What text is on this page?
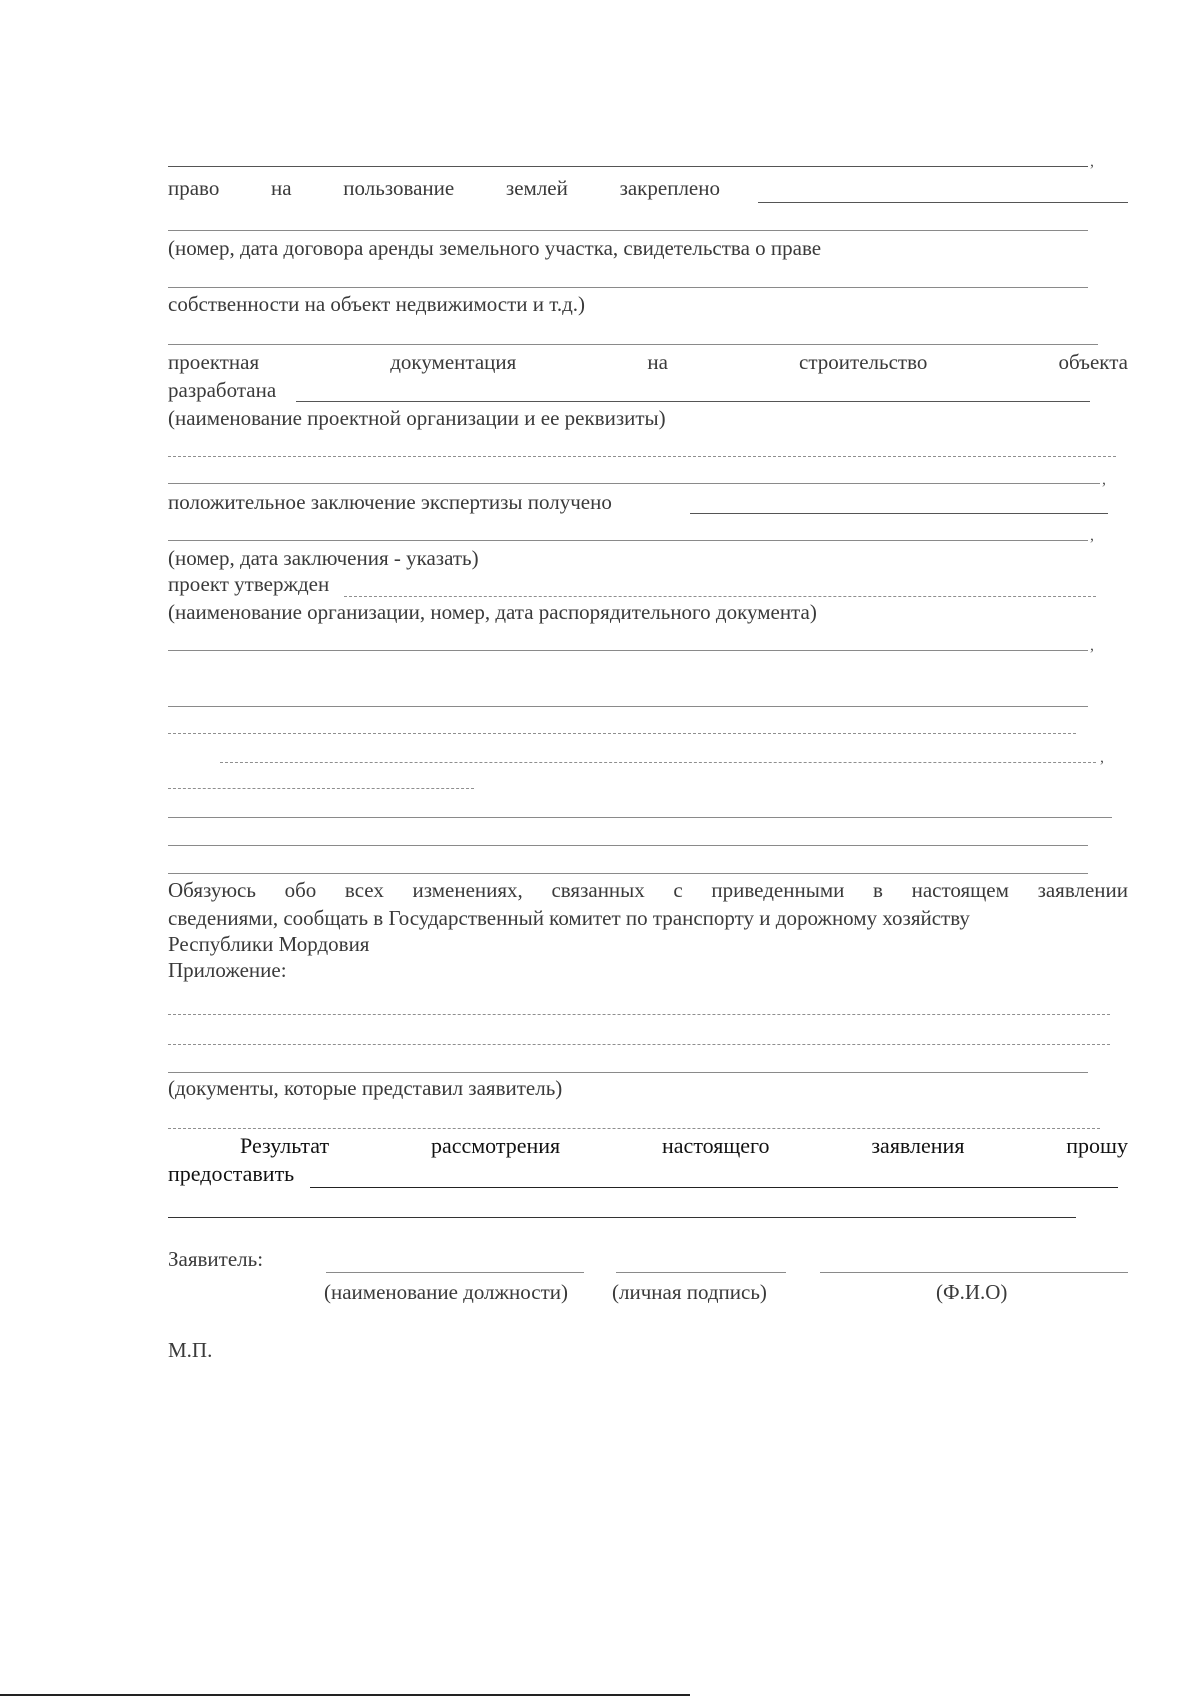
,
право на пользование землей закреплено
(номер, дата договора аренды земельного участка, свидетельства о праве
собственности на объект недвижимости и т.д.)
проектная	документация	на	строительство	объекта
разработана
(наименование проектной организации и ее реквизиты)
,
положительное заключение экспертизы получено
,
(номер, дата заключения - указать)
проект утвержден
(наименование организации, номер, дата распорядительного документа)
,
,
Обязуюсь обо всех изменениях, связанных с приведенными в настоящем заявлении
сведениями, сообщать в Государственный комитет по транспорту и дорожному хозяйству
Республики Мордовия
Приложение:
(документы, которые представил заявитель)
Результат	рассмотрения	настоящего	заявления	прошу
предоставить
Заявитель:
(наименование должности) (личная подпись)	(Ф.И.О)
М.П.
